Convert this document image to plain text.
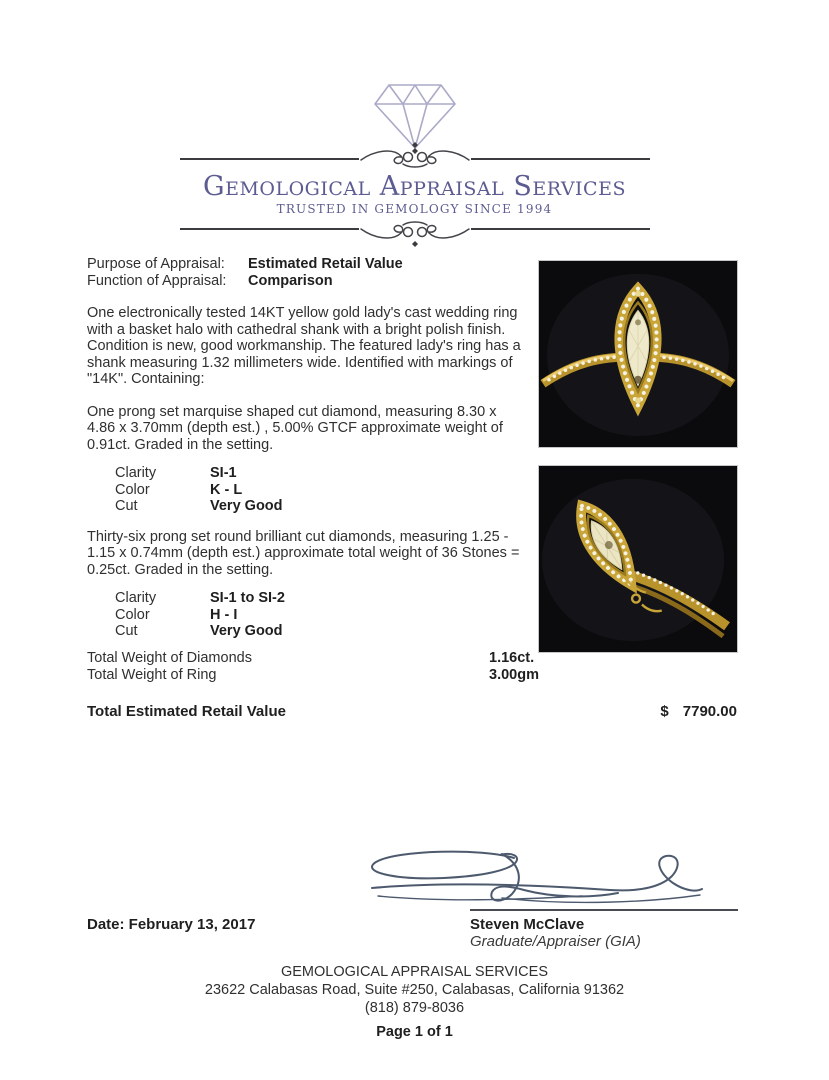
Gemological Appraisal Services
TRUSTED IN GEMOLOGY SINCE 1994
Purpose of Appraisal:	Estimated Retail Value
Function of Appraisal:	Comparison

One electronically tested 14KT yellow gold lady's cast wedding ring with a basket halo with cathedral shank with a bright polish finish. Condition is new, good workmanship. The featured lady's ring has a shank measuring 1.32 millimeters wide. Identified with markings of "14K". Containing:

One prong set marquise shaped cut diamond, measuring 8.30 x 4.86 x 3.70mm (depth est.) , 5.00% GTCF approximate weight of 0.91ct. Graded in the setting.

Clarity	SI-1
Color	K - L
Cut	Very Good

Thirty-six prong set round brilliant cut diamonds, measuring 1.25 - 1.15 x 0.74mm (depth est.) approximate total weight of 36 Stones = 0.25ct. Graded in the setting.

Clarity	SI-1 to SI-2
Color	H - I
Cut	Very Good
Total Weight of Diamonds	1.16ct.
Total Weight of Ring	3.00gm
Total Estimated Retail Value	$ 7790.00
Date: February 13, 2017	Steven McClave
Graduate/Appraiser (GIA)
GEMOLOGICAL APPRAISAL SERVICES
23622 Calabasas Road, Suite #250, Calabasas, California 91362
(818) 879-8036
Page 1 of 1
